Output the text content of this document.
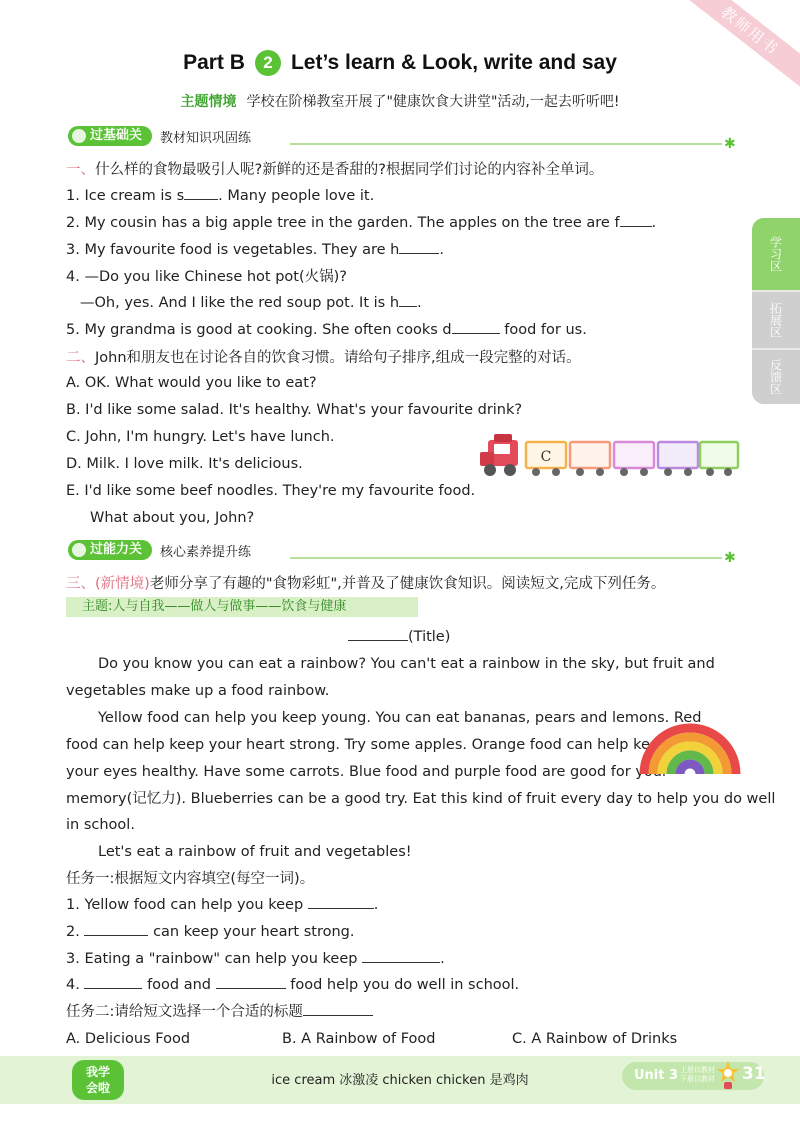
教师用书
Part B 2 Let’s learn & Look, write and say
主题情境 学校在阶梯教室开展了"健康饮食大讲堂"活动,一起去听听吧!
过基础关	教材知识巩固练	✱
一、什么样的食物最吸引人呢?新鲜的还是香甜的?根据同学们讨论的内容补全单词。
1. Ice cream is s . Many people love it.
2. My cousin has a big apple tree in the garden. The apples on the tree are f .
3. My favourite food is vegetables. They are h	.
4. —Do you like Chinese hot pot(火锅)?
—Oh, yes. And I like the red soup pot. It is h .
5. My grandma is good at cooking. She often cooks d	food for us.
二、John和朋友也在讨论各自的饮食习惯。请给句子排序,组成一段完整的对话。
A. OK. What would you like to eat?
B. I'd like some salad. It's healthy. What's your favourite drink?
C. John, I'm hungry. Let's have lunch.
D. Milk. I love milk. It's delicious.
E. I'd like some beef noodles. They're my favourite food.
What about you, John?
C
过能力关	核心素养提升练	✱
三、(新情境)老师分享了有趣的"食物彩虹",并普及了健康饮食知识。阅读短文,完成下列任务。
主题:人与自我——做人与做事——饮食与健康
(Title)
Do you know you can eat a rainbow? You can't eat a rainbow in the sky, but fruit and
vegetables make up a food rainbow.
Yellow food can help you keep young. You can eat bananas, pears and lemons. Red
food can help keep your heart strong. Try some apples. Orange food can help keep
your eyes healthy. Have some carrots. Blue food and purple food are good for your
memory(记忆力). Blueberries can be a good try. Eat this kind of fruit every day to help you do well
in school.
Let's eat a rainbow of fruit and vegetables!
任务一:根据短文内容填空(每空一词)。
1. Yellow food can help you keep	.
2.	can keep your heart strong.
3. Eating a "rainbow" can help you keep	.
4.	food and	food help you do well in school.
任务二:请给短文选择一个合适的标题
A. Delicious Food	B. A Rainbow of Food	C. A Rainbow of Drinks
学习区
拓展区
反馈区
我学
会啦	ice cream 冰激凌 chicken chicken 是鸡肉	Unit 3 上册以教材
下册以教材 31
